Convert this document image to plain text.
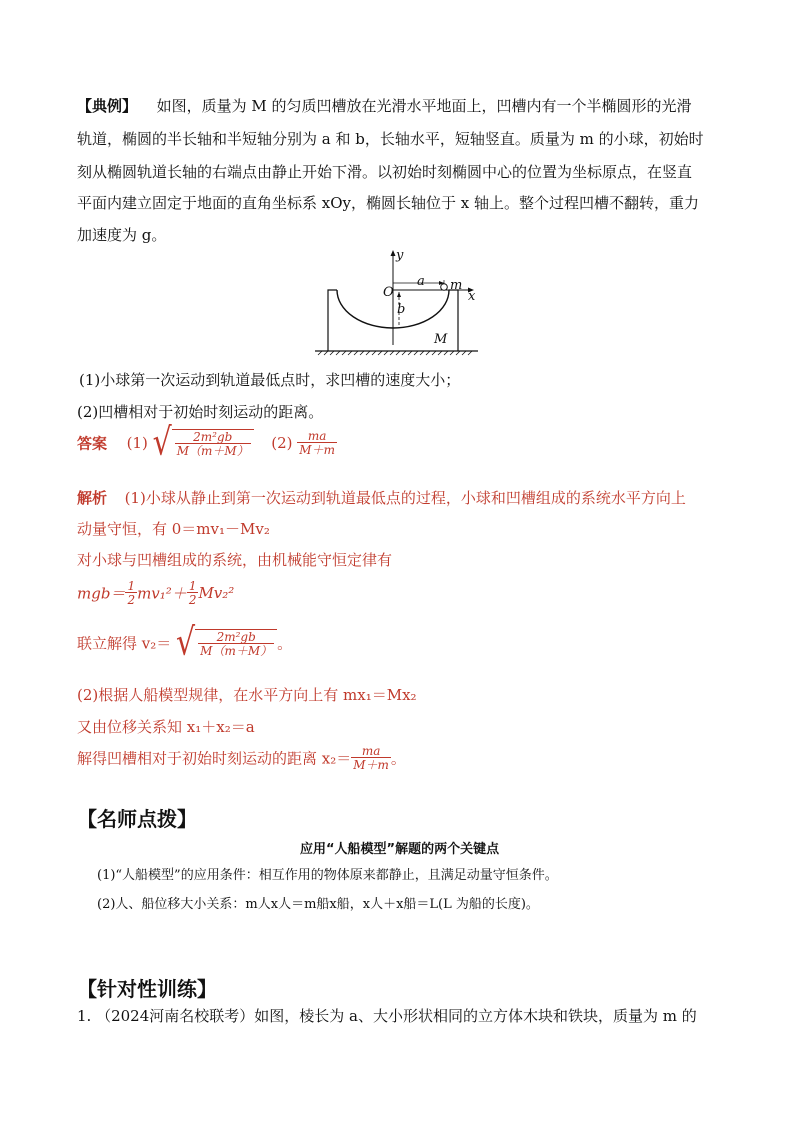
【典例】 如图，质量为 M 的匀质凹槽放在光滑水平地面上，凹槽内有一个半椭圆形的光滑
轨道，椭圆的半长轴和半短轴分别为 a 和 b，长轴水平，短轴竖直。质量为 m 的小球，初始时
刻从椭圆轨道长轴的右端点由静止开始下滑。以初始时刻椭圆中心的位置为坐标原点，在竖直
平面内建立固定于地面的直角坐标系 xOy，椭圆长轴位于 x 轴上。整个过程凹槽不翻转，重力
加速度为 g。
y
O
a m
x
b
M
(1)小球第一次运动到轨道最低点时，求凹槽的速度大小；
(2)凹槽相对于初始时刻运动的距离。
答案 (1) √ $\frac{\text{2m²gb}}{M(m+M)} (2) \frac{ma}{M+m}$
解析 (1)小球从静止到第一次运动到轨道最低点的过程，小球和凹槽组成的系统水平方向上
动量守恒，有 0＝mv₁－Mv₂
对小球与凹槽组成的系统，由机械能守恒定律有
$mgb= \frac{1}{2} mv_1^2+ \frac{1}{2} Mv_2^2$
联立解得 v₂＝ √ $\frac{\text{2m²gb}}{M(m+M)}$ 。
(2)根据人船模型规律，在水平方向上有 mx₁＝Mx₂
又由位移关系知 x₁＋x₂＝a
解得凹槽相对于初始时刻运动的距离 $x_2= \frac{ma}{M+m}$ 。
【名师点拨】
应用“人船模型”解题的两个关键点
(1)“人船模型”的应用条件：相互作用的物体原来都静止，且满足动量守恒条件。
(2)人、船位移大小关系：m人x人＝m船x船，x人＋x船＝L(L 为船的长度)。
【针对性训练】
1. （2024河南名校联考）如图，棱长为 a、大小形状相同的立方体木块和铁块，质量为 m 的
